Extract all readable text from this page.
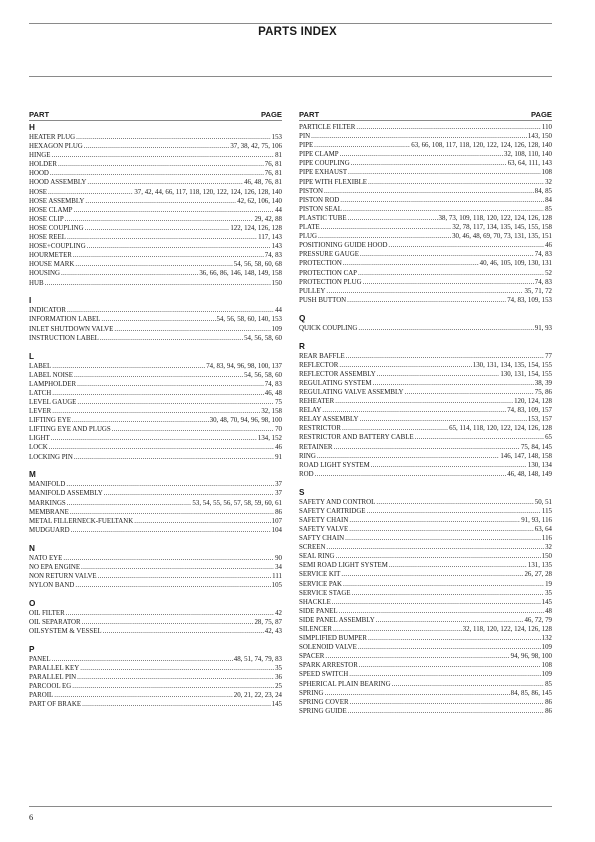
PARTS INDEX
PART	PAGE
H
HEATER PLUG .....	153
HEXAGON PLUG .....	37, 38, 42, 75, 106
HINGE .....	81
HOLDER .....	76, 81
HOOD .....	76, 81
HOOD ASSEMBLY .....	46, 48, 76, 81
HOSE .....	37, 42, 44, 66, 117, 118, 120, 122, 124, 126, 128, 140
HOSE ASSEMBLY .....	42, 62, 106, 140
HOSE CLAMP .....	44
HOSE CLIP .....	29, 42, 88
HOSE COUPLING .....	122, 124, 126, 128
HOSE REEL .....	117, 143
HOSE+COUPLING .....	143
HOURMETER .....	74, 83
HOUSE MARK .....	54, 56, 58, 60, 68
HOUSING .....	36, 66, 86, 146, 148, 149, 158
HUB .....	150
I
INDICATOR .....	44
INFORMATION LABEL .....	54, 56, 58, 60, 140, 153
INLET SHUTDOWN VALVE .....	109
INSTRUCTION LABEL .....	54, 56, 58, 60
L
LABEL .....	74, 83, 94, 96, 98, 100, 137
LABEL NOISE .....	54, 56, 58, 60
LAMPHOLDER .....	74, 83
LATCH .....	46, 48
LEVEL GAUGE .....	75
LEVER .....	32, 158
LIFTING EYE .....	30, 48, 70, 94, 96, 98, 100
LIFTING EYE AND PLUGS .....	70
LIGHT .....	134, 152
LOCK .....	46
LOCKING PIN .....	91
M
MANIFOLD .....	37
MANIFOLD ASSEMBLY .....	37
MARKINGS .....	53, 54, 55, 56, 57, 58, 59, 60, 61
MEMBRANE .....	86
METAL FILLERNECK-FUELTANK .....	107
MUDGUARD .....	104
N
NATO EYE .....	90
NO EPA ENGINE .....	34
NON RETURN VALVE .....	111
NYLON BAND .....	105
O
OIL FILTER .....	42
OIL SEPARATOR .....	28, 75, 87
OILSYSTEM & VESSEL .....	42, 43
P
PANEL .....	48, 51, 74, 79, 83
PARALLEL KEY .....	35
PARALLEL PIN .....	36
PARCOOL EG .....	25
PAROIL .....	20, 21, 22, 23, 24
PART OF BRAKE .....	145
PART	PAGE
PARTICLE FILTER .....	110
PIN .....	143, 150
PIPE .....	63, 66, 108, 117, 118, 120, 122, 124, 126, 128, 140
PIPE CLAMP .....	32, 108, 110, 140
PIPE COUPLING .....	63, 64, 111, 143
PIPE EXHAUST .....	108
PIPE WITH FLEXIBLE .....	32
PISTON .....	84, 85
PISTON ROD .....	84
PISTON SEAL .....	85
PLASTIC TUBE .....	38, 73, 109, 118, 120, 122, 124, 126, 128
PLATE .....	32, 78, 117, 134, 135, 145, 155, 158
PLUG .....	30, 46, 48, 69, 70, 73, 131, 135, 151
POSITIONING GUIDE HOOD .....	46
PRESSURE GAUGE .....	74, 83
PROTECTION .....	40, 46, 105, 109, 130, 131
PROTECTION CAP .....	52
PROTECTION PLUG .....	74, 83
PULLEY .....	35, 71, 72
PUSH BUTTON .....	74, 83, 109, 153
Q
QUICK COUPLING .....	91, 93
R
REAR BAFFLE .....	77
REFLECTOR .....	130, 131, 134, 135, 154, 155
REFLECTOR ASSEMBLY .....	130, 131, 154, 155
REGULATING SYSTEM .....	38, 39
REGULATING VALVE ASSEMBLY .....	75, 86
REHEATER .....	120, 124, 128
RELAY .....	74, 83, 109, 157
RELAY ASSEMBLY .....	153, 157
RESTRICTOR .....	65, 114, 118, 120, 122, 124, 126, 128
RESTRICTOR AND BATTERY CABLE .....	65
RETAINER .....	75, 84, 145
RING .....	146, 147, 148, 158
ROAD LIGHT SYSTEM .....	130, 134
ROD .....	46, 48, 148, 149
S
SAFETY AND CONTROL .....	50, 51
SAFETY CARTRIDGE .....	115
SAFETY CHAIN .....	91, 93, 116
SAFETY VALVE .....	63, 64
SAFTY CHAIN .....	116
SCREEN .....	32
SEAL RING .....	150
SEMI ROAD LIGHT SYSTEM .....	131, 135
SERVICE KIT .....	26, 27, 28
SERVICE PAK .....	19
SERVICE STAGE .....	35
SHACKLE .....	145
SIDE PANEL .....	48
SIDE PANEL ASSEMBLY .....	46, 72, 79
SILENCER .....	32, 118, 120, 122, 124, 126, 128
SIMPLIFIED BUMPER .....	132
SOLENOID VALVE .....	109
SPACER .....	94, 96, 98, 100
SPARK ARRESTOR .....	108
SPEED SWITCH .....	109
SPHERICAL PLAIN BEARING .....	85
SPRING .....	84, 85, 86, 145
SPRING COVER .....	86
SPRING GUIDE .....	86
6
